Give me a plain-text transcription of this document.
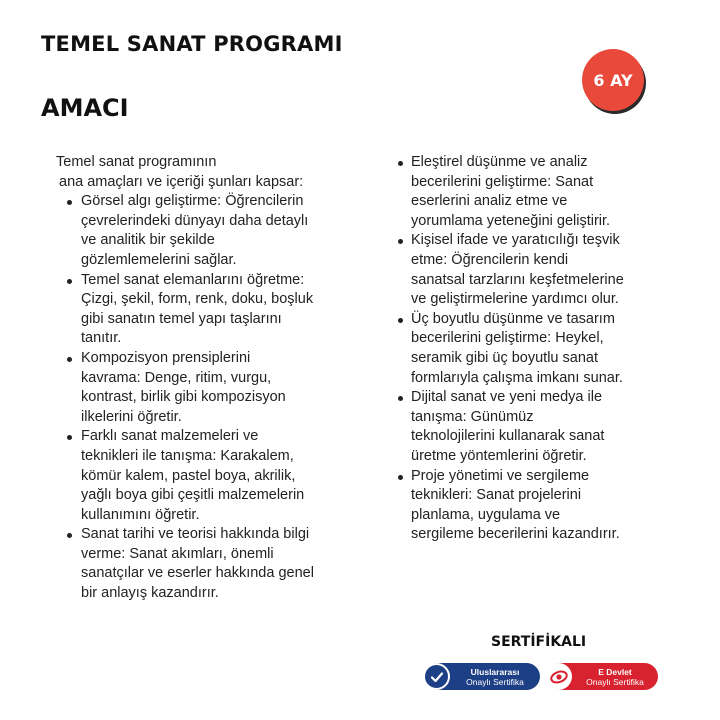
TEMEL SANAT PROGRAMI
AMACI
6 AY

Temel sanat programının
ana amaçları ve içeriği şunları kapsar:

Görsel algı geliştirme: Öğrencilerin
çevrelerindeki dünyayı daha detaylı
ve analitik bir şekilde
gözlemlemelerini sağlar.
Temel sanat elemanlarını öğretme:
Çizgi, şekil, form, renk, doku, boşluk
gibi sanatın temel yapı taşlarını
tanıtır.
Kompozisyon prensiplerini
kavrama: Denge, ritim, vurgu,
kontrast, birlik gibi kompozisyon
ilkelerini öğretir.
Farklı sanat malzemeleri ve
teknikleri ile tanışma: Karakalem,
kömür kalem, pastel boya, akrilik,
yağlı boya gibi çeşitli malzemelerin
kullanımını öğretir.
Sanat tarihi ve teorisi hakkında bilgi
verme: Sanat akımları, önemli
sanatçılar ve eserler hakkında genel
bir anlayış kazandırır.
Eleştirel düşünme ve analiz
becerilerini geliştirme: Sanat
eserlerini analiz etme ve
yorumlama yeteneğini geliştirir.
Kişisel ifade ve yaratıcılığı teşvik
etme: Öğrencilerin kendi
sanatsal tarzlarını keşfetmelerine
ve geliştirmelerine yardımcı olur.
Üç boyutlu düşünme ve tasarım
becerilerini geliştirme: Heykel,
seramik gibi üç boyutlu sanat
formlarıyla çalışma imkanı sunar.
Dijital sanat ve yeni medya ile
tanışma: Günümüz
teknolojilerini kullanarak sanat
üretme yöntemlerini öğretir.
Proje yönetimi ve sergileme
teknikleri: Sanat projelerini
planlama, uygulama ve
sergileme becerilerini kazandırır.

SERTİFİKALI

Uluslararası
Onaylı Sertifika
E Devlet
Onaylı Sertifika
